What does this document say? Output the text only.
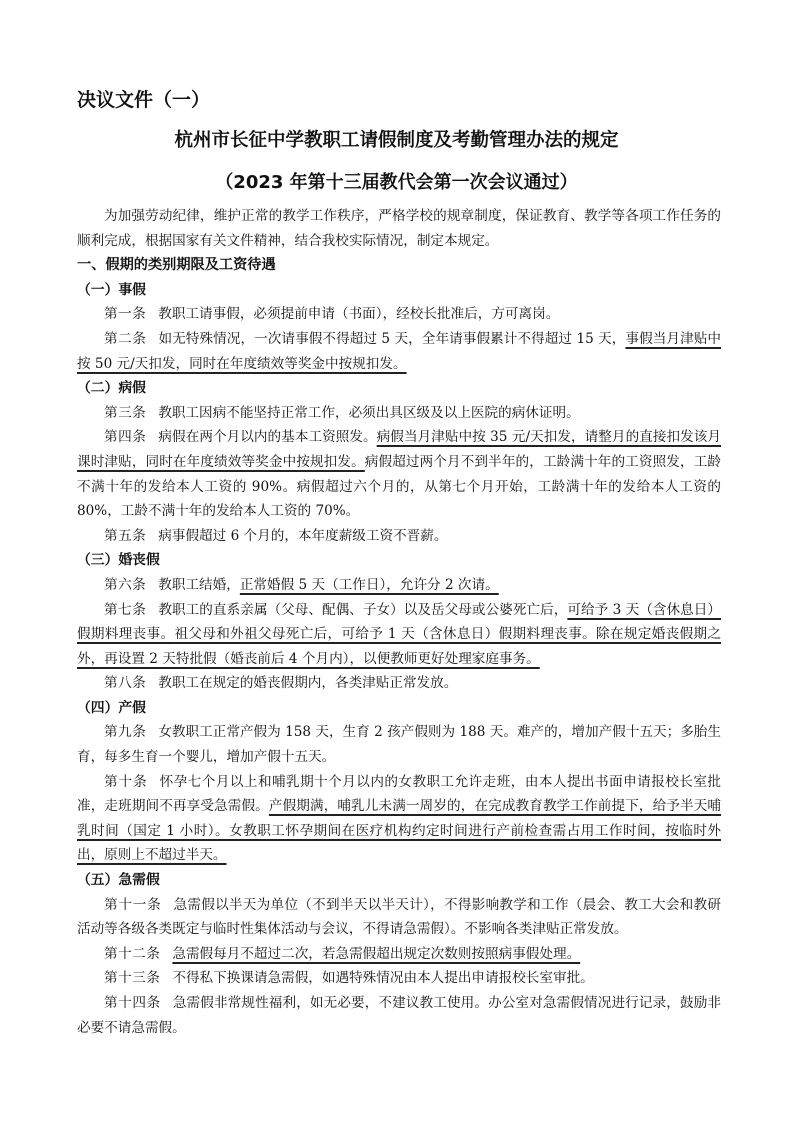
决议文件（一）
杭州市长征中学教职工请假制度及考勤管理办法的规定
（2023 年第十三届教代会第一次会议通过）

为加强劳动纪律，维护正常的教学工作秩序，严格学校的规章制度，保证教育、教学等各项工作任务的顺利完成，根据国家有关文件精神，结合我校实际情况，制定本规定。

一、假期的类别期限及工资待遇

（一）事假

第一条 教职工请事假，必须提前申请（书面），经校长批准后，方可离岗。

第二条 如无特殊情况，一次请事假不得超过 5 天，全年请事假累计不得超过 15 天，事假当月津贴中按 50 元/天扣发，同时在年度绩效等奖金中按规扣发。

（二）病假

第三条 教职工因病不能坚持正常工作，必须出具区级及以上医院的病休证明。

第四条 病假在两个月以内的基本工资照发。病假当月津贴中按 35 元/天扣发，请整月的直接扣发该月课时津贴，同时在年度绩效等奖金中按规扣发。病假超过两个月不到半年的，工龄满十年的工资照发，工龄不满十年的发给本人工资的 90%。病假超过六个月的，从第七个月开始，工龄满十年的发给本人工资的 80%，工龄不满十年的发给本人工资的 70%。

第五条 病事假超过 6 个月的，本年度薪级工资不晋薪。

（三）婚丧假

第六条 教职工结婚，正常婚假 5 天（工作日），允许分 2 次请。

第七条 教职工的直系亲属（父母、配偶、子女）以及岳父母或公婆死亡后，可给予 3 天（含休息日）假期料理丧事。祖父母和外祖父母死亡后，可给予 1 天（含休息日）假期料理丧事。除在规定婚丧假期之外，再设置 2 天特批假（婚丧前后 4 个月内），以便教师更好处理家庭事务。

第八条 教职工在规定的婚丧假期内，各类津贴正常发放。

（四）产假

第九条 女教职工正常产假为 158 天，生育 2 孩产假则为 188 天。难产的，增加产假十五天；多胎生育，每多生育一个婴儿，增加产假十五天。

第十条 怀孕七个月以上和哺乳期十个月以内的女教职工允许走班，由本人提出书面申请报校长室批准，走班期间不再享受急需假。产假期满，哺乳儿未满一周岁的，在完成教育教学工作前提下，给予半天哺乳时间（国定 1 小时）。女教职工怀孕期间在医疗机构约定时间进行产前检查需占用工作时间，按临时外出，原则上不超过半天。

（五）急需假

第十一条 急需假以半天为单位（不到半天以半天计），不得影响教学和工作（晨会、教工大会和教研活动等各级各类既定与临时性集体活动与会议，不得请急需假）。不影响各类津贴正常发放。

第十二条 急需假每月不超过二次，若急需假超出规定次数则按照病事假处理。

第十三条 不得私下换课请急需假，如遇特殊情况由本人提出申请报校长室审批。

第十四条 急需假非常规性福利，如无必要，不建议教工使用。办公室对急需假情况进行记录，鼓励非必要不请急需假。
